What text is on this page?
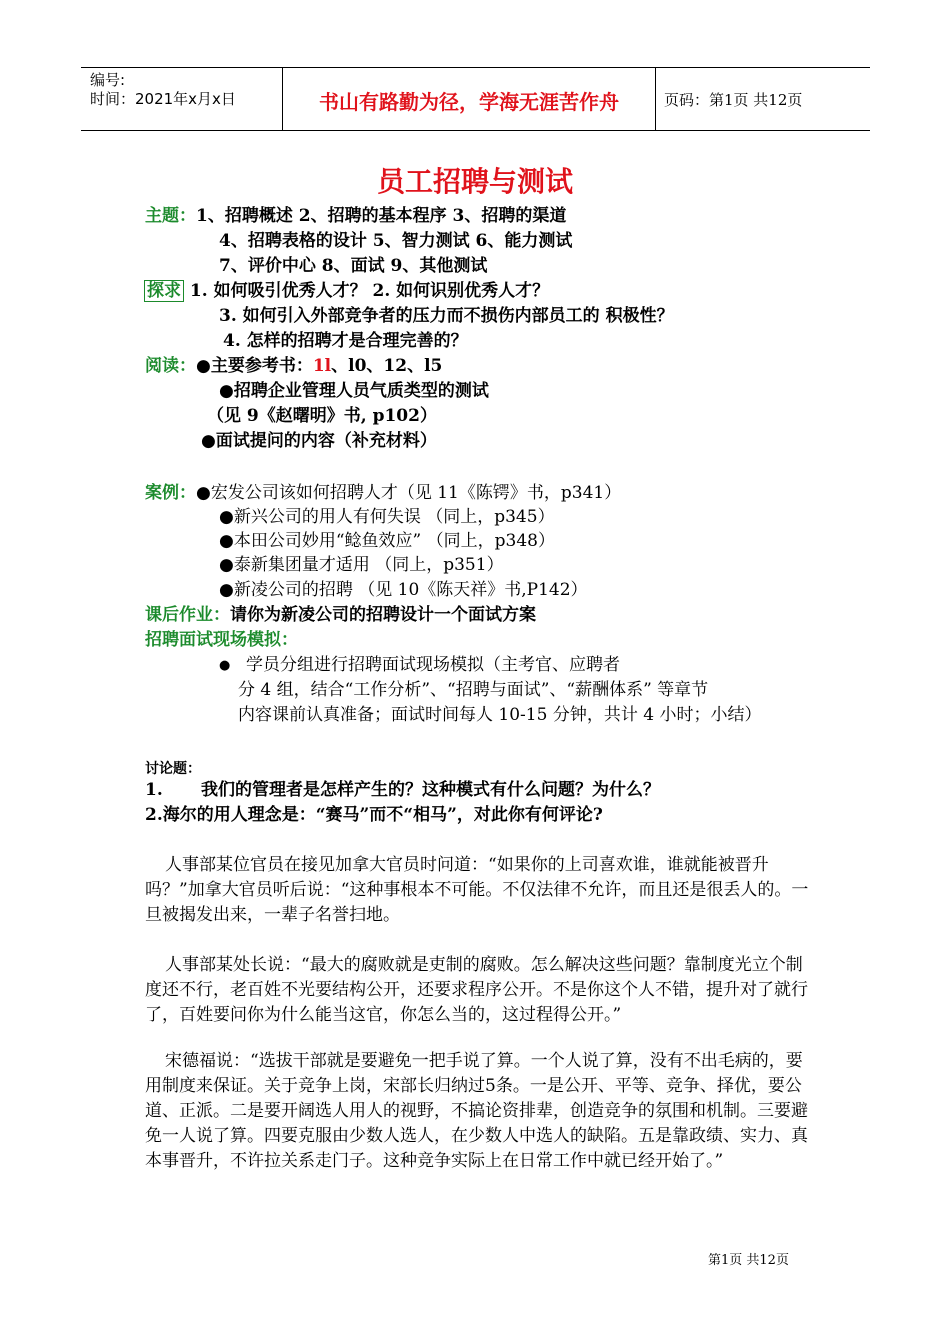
编号:
时间：2021年x月x日	书山有路勤为径，学海无涯苦作舟	页码：第1页 共12页
员工招聘与测试
主题：1、招聘概述 2、招聘的基本程序 3、招聘的渠道
4、招聘表格的设计 5、智力测试 6、能力测试
7、评价中心 8、面试 9、其他测试
探求 1. 如何吸引优秀人才？ 2. 如何识别优秀人才？
3. 如何引入外部竞争者的压力而不损伤内部员工的 积极性？
4. 怎样的招聘才是合理完善的？
阅读：●主要参考书：1l、l0、12、l5
●招聘企业管理人员气质类型的测试
（见 9《赵曙明》书, p102）
●面试提问的内容（补充材料）
案例：●宏发公司该如何招聘人才（见 11《陈锷》书，p341）
●新兴公司的用人有何失误 （同上，p345）
●本田公司妙用“鲶鱼效应” （同上，p348）
●泰新集团量才适用 （同上，p351）
●新凌公司的招聘 （见 10《陈天祥》书,P142）
课后作业：请你为新凌公司的招聘设计一个面试方案
招聘面试现场模拟：
● 学员分组进行招聘面试现场模拟（主考官、应聘者
分 4 组，结合“工作分析”、“招聘与面试”、“薪酬体系” 等章节
内容课前认真准备；面试时间每人 10-15 分钟，共计 4 小时；小结）
讨论题：
1. 我们的管理者是怎样产生的？这种模式有什么问题？为什么？
2.海尔的用人理念是：“赛马”而不“相马”，对此你有何评论?
人事部某位官员在接见加拿大官员时问道：“如果你的上司喜欢谁，谁就能被晋升吗？”加拿大官员听后说：“这种事根本不可能。不仅法律不允许，而且还是很丢人的。一旦被揭发出来，一辈子名誉扫地。
人事部某处长说：“最大的腐败就是吏制的腐败。怎么解决这些问题？靠制度光立个制度还不行，老百姓不光要结构公开，还要求程序公开。不是你这个人不错，提升对了就行了，百姓要问你为什么能当这官，你怎么当的，这过程得公开。”
宋德福说：“选拔干部就是要避免一把手说了算。一个人说了算，没有不出毛病的，要用制度来保证。关于竞争上岗，宋部长归纳过5条。一是公开、平等、竞争、择优，要公道、正派。二是要开阔选人用人的视野，不搞论资排辈，创造竞争的氛围和机制。三要避免一人说了算。四要克服由少数人选人，在少数人中选人的缺陷。五是靠政绩、实力、真本事晋升，不许拉关系走门子。这种竞争实际上在日常工作中就已经开始了。”
第1页 共12页
